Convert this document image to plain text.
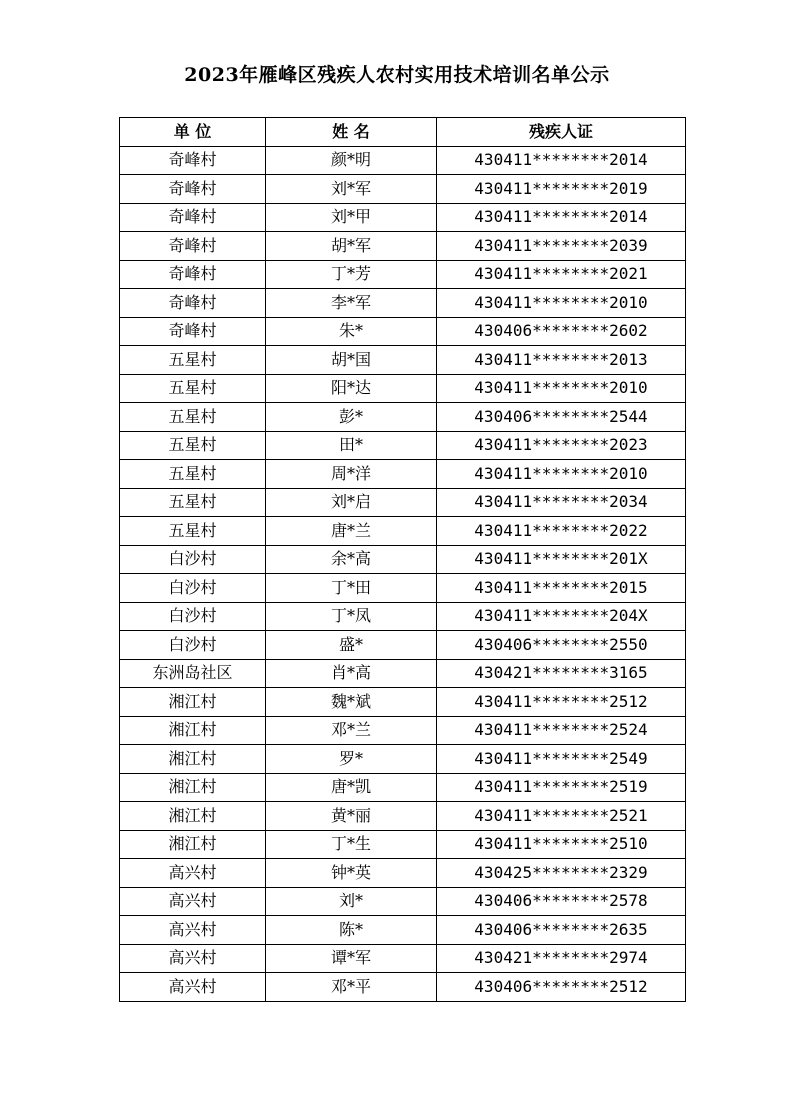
2023年雁峰区残疾人农村实用技术培训名单公示
单 位	姓 名	残疾人证
奇峰村	颜*明	430411********2014
奇峰村	刘*军	430411********2019
奇峰村	刘*甲	430411********2014
奇峰村	胡*军	430411********2039
奇峰村	丁*芳	430411********2021
奇峰村	李*军	430411********2010
奇峰村	朱*	430406********2602
五星村	胡*国	430411********2013
五星村	阳*达	430411********2010
五星村	彭*	430406********2544
五星村	田*	430411********2023
五星村	周*洋	430411********2010
五星村	刘*启	430411********2034
五星村	唐*兰	430411********2022
白沙村	余*高	430411********201X
白沙村	丁*田	430411********2015
白沙村	丁*凤	430411********204X
白沙村	盛*	430406********2550
东洲岛社区	肖*高	430421********3165
湘江村	魏*斌	430411********2512
湘江村	邓*兰	430411********2524
湘江村	罗*	430411********2549
湘江村	唐*凯	430411********2519
湘江村	黄*丽	430411********2521
湘江村	丁*生	430411********2510
高兴村	钟*英	430425********2329
高兴村	刘*	430406********2578
高兴村	陈*	430406********2635
高兴村	谭*军	430421********2974
高兴村	邓*平	430406********2512
